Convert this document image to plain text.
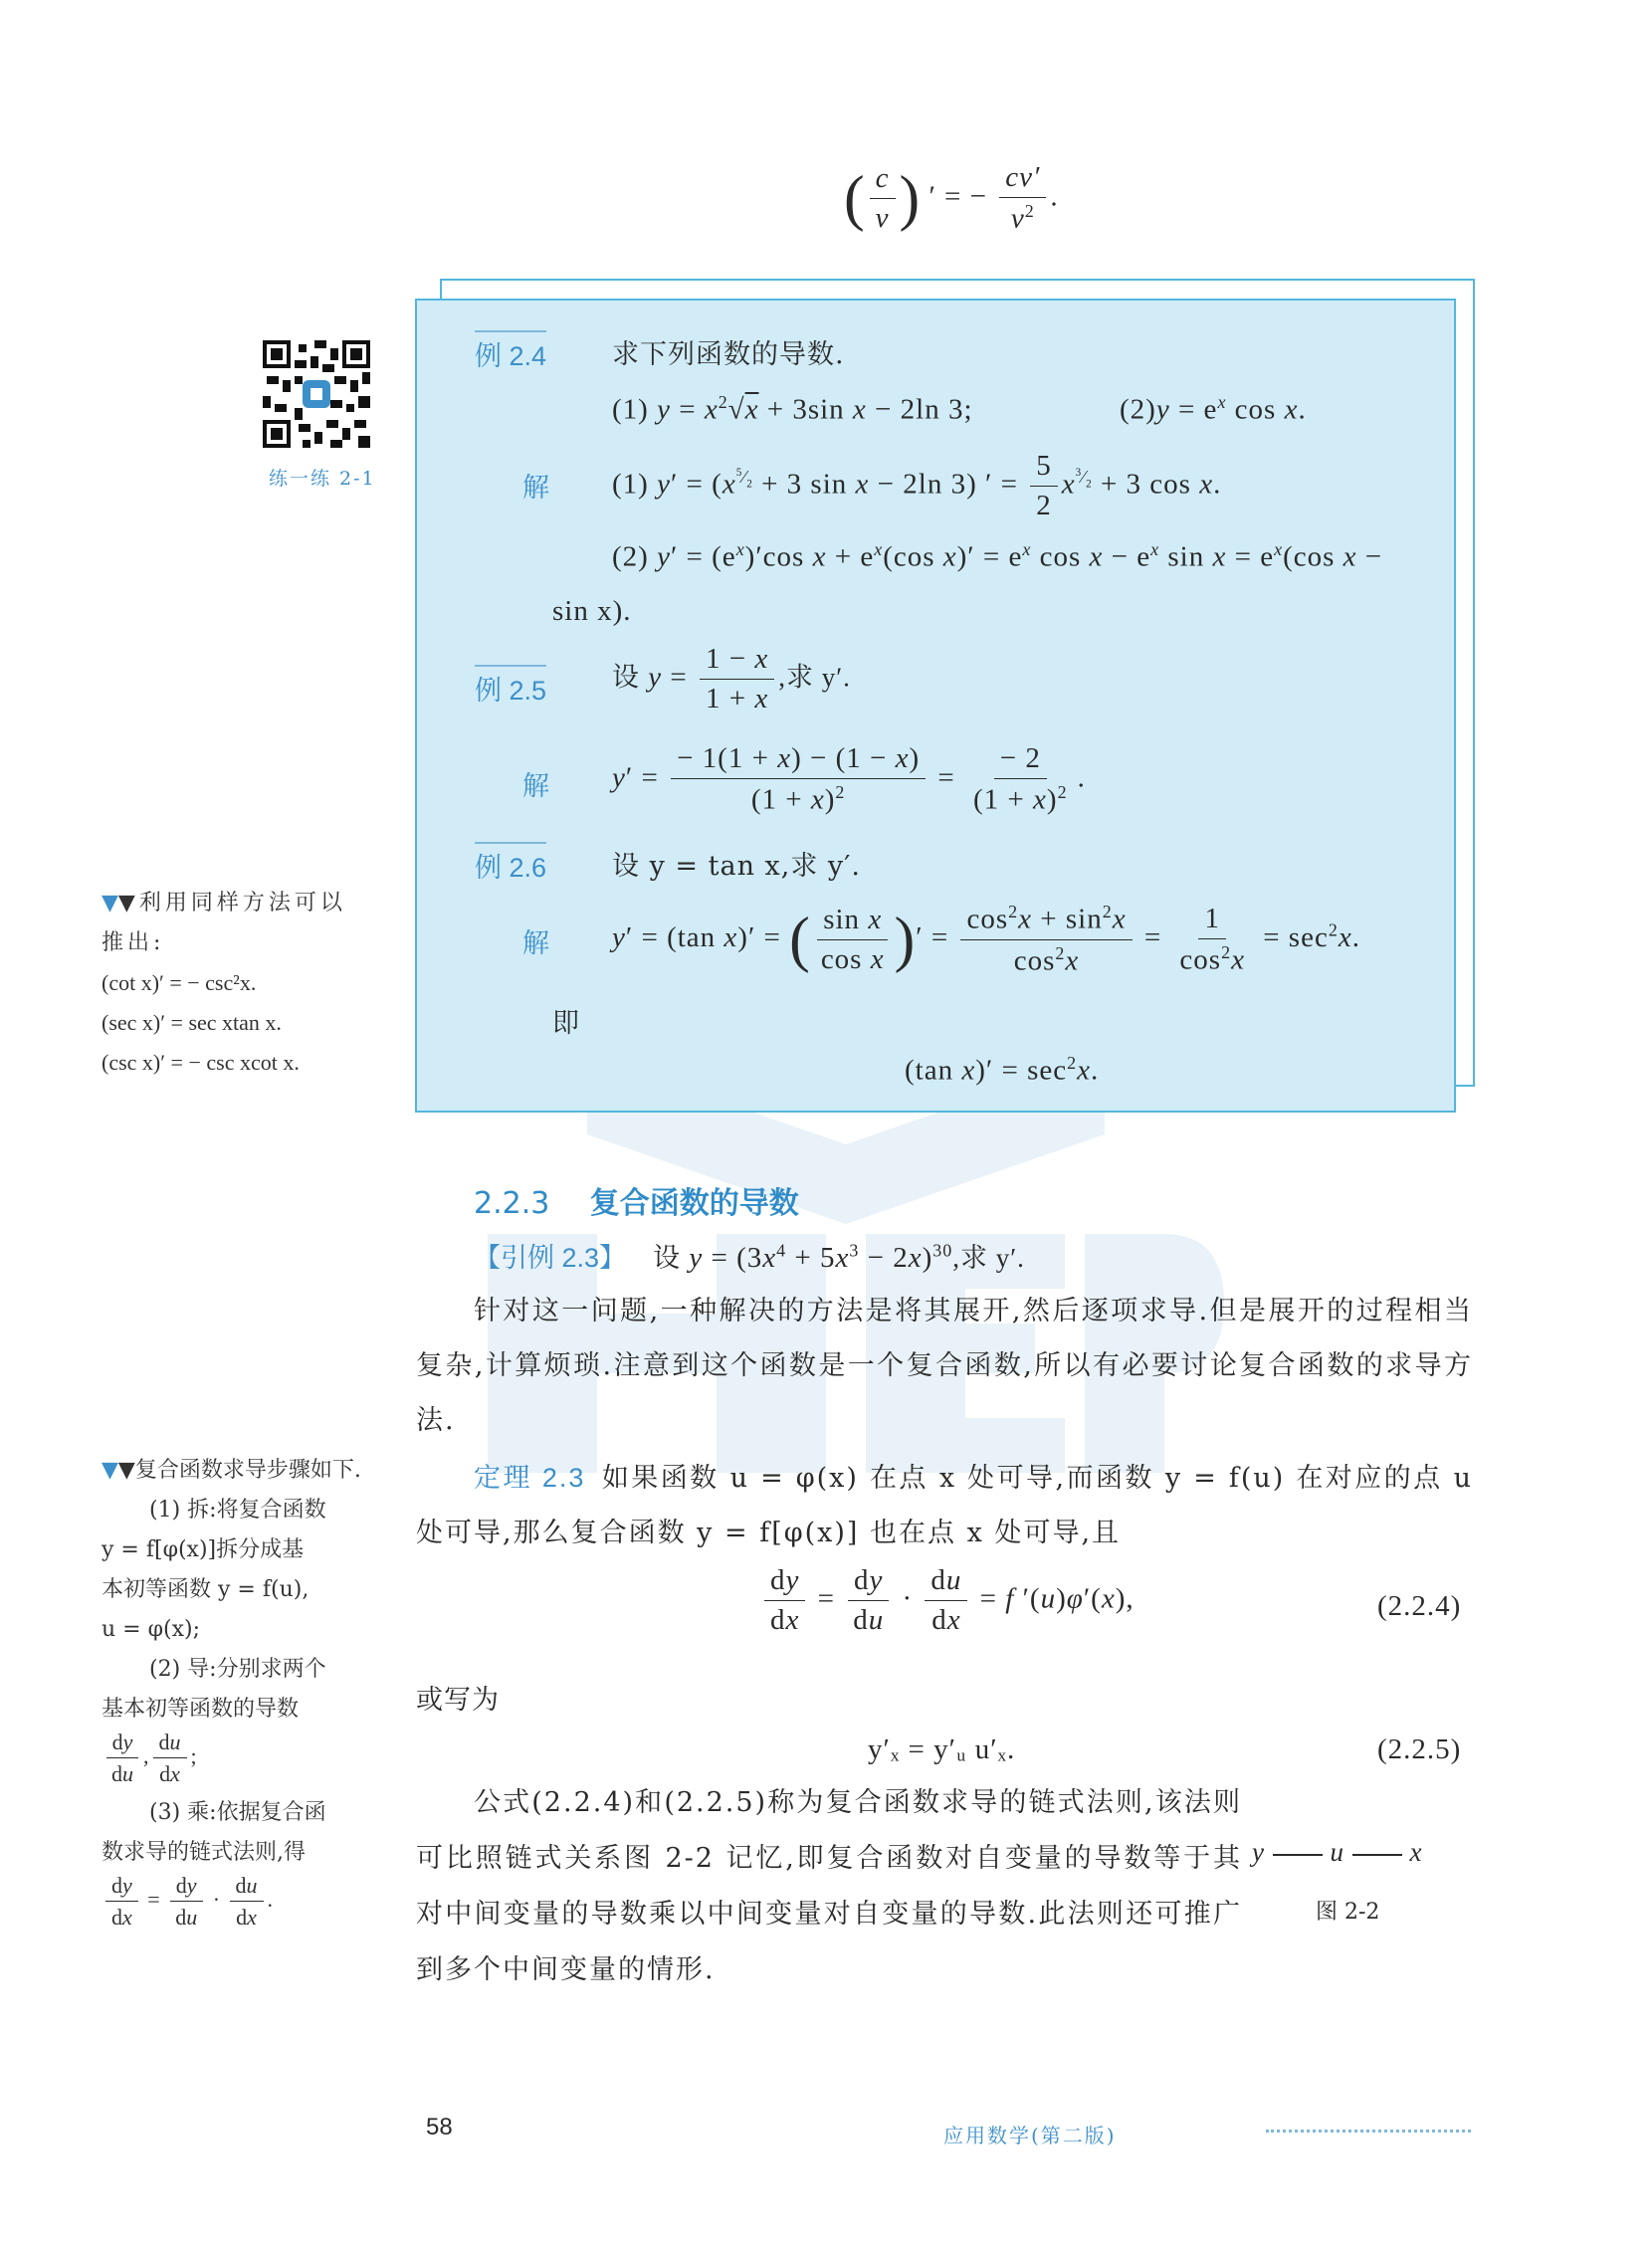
( $\frac{c}{v}$ ) ′ = − $\frac{cv'}{v^2}$ .
练一练 2-1
例 2.4 求下列函数的导数.
(1) $y = x^2√x + 3\sin$ x − 2ln 3;	$(2)y = e^x$ cos x.
解 (1) $y' = (x^{^5⁄_2} + 3$ sin x − 2ln 3) ′ = $\frac{5}{2} x^{^3⁄_2} + 3$ cos x.
(2) $y' = (e^x)'\cos$ $x + e^x(\cos$ $x)' = e^x$ $\cos x - e^x$ $\sin x = e^x(\cos$ x −
sin x).
例 2.5 设 $y = \frac{1 - x}{1 + x}$ ,求 y′.
解 $y' = \frac{- 1(1 + x) - (1 - x)}{(1 + x)^2} = \frac{- 2}{(1 + x)^2}$ .
例 2.6 设 y = tan x,求 y′.
解 y′ = (tan x)′ = ( $\frac{\text{sin x}}{\text{cos x}}$ )′ = $\frac{\cos^2x + \sin^2x}{\cos^2x} = \frac{1}{\cos^2x} = \sec^2x$.
即
(tan $x)' = \sec^2x$.
▼▼利用同样方法可以
推出:
(cot x)′ = − csc²x.
(sec x)′ = sec xtan x.
(csc x)′ = − csc xcot x.
2.2.3 复合函数的导数
【引例 2.3】 设 $y = (3x^4 + 5x^3 - 2x)^{30}$,求 y′.
针对这一问题,一种解决的方法是将其展开,然后逐项求导.但是展开的过程相当复杂,计算烦琐.注意到这个函数是一个复合函数,所以有必要讨论复合函数的求导方法.
▼▼复合函数求导步骤如下.
(1) 拆:将复合函数
y = f[φ(x)]拆分成基
本初等函数 y = f(u),
u = φ(x);
(2) 导:分别求两个
基本初等函数的导数
$\frac{dy}{du}$ , $\frac{du}{dx}$ ;
(3) 乘:依据复合函
数求导的链式法则,得
$\frac{dy}{dx} = \frac{dy}{du} \cdot \frac{du}{dx}$ .
定理 2.3 如果函数 u = φ(x) 在点 x 处可导,而函数 y = f(u) 在对应的点 u 处可导,那么复合函数 y = f[φ(x)] 也在点 x 处可导,且
$\frac{dy}{dx} = \frac{dy}{du} \cdot \frac{du}{dx} = f$ ′(u)φ′(x),	(2.2.4)
或写为
y′ₓ = y′ᵤ u′ₓ.	(2.2.5)
公式(2.2.4)和(2.2.5)称为复合函数求导的链式法则,该法则可比照链式关系图 2-2 记忆,即复合函数对自变量的导数等于其对中间变量的导数乘以中间变量对自变量的导数.此法则还可推广到多个中间变量的情形.
y u x
图 2-2
58	应用数学(第二版)
